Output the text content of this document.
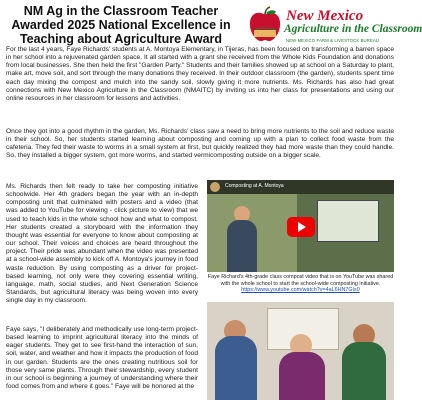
NM Ag in the Classroom Teacher Awarded 2025 National Excellence in Teaching about Agriculture Award
New Mexico
Agriculture in the Classroom
NEW MEXICO FARM & LIVESTOCK BUREAU

For the last 4 years, Faye Richards' students at A. Montoya Elementary, in Tijeras, has been focused on transforming a barren space in her school into a rejuvenated garden space. It all started with a grant she received from the Whole Kids Foundation and donations from local businesses. She then held the first "Garden Party." Students and their families showed up at school on a Saturday to plant, make art, move soil, and sort through the many donations they received. In their outdoor classroom (the garden), students spent time each day mixing the compost and mulch into the sandy soil, slowly giving it more nutrients. Ms. Richards has also had great connections with New Mexico Agriculture in the Classroom (NMAITC) by inviting us into her class for presentations and using our online resources in her classroom for lessons and activities.

Once they got into a good rhythm in the garden, Ms. Richards' class saw a need to bring more nutrients to the soil and reduce waste in their school. So, her students started learning about composting and coming up with a plan to collect food waste from the cafeteria. They fed their waste to worms in a small system at first, but quickly realized they had more waste than they could handle. So, they installed a bigger system, got more worms, and started vermicomposting outside on a bigger scale.

Ms. Richards then felt ready to take her composting initiative schoolwide. Her 4th graders began the year with an in-depth composting unit that culminated with posters and a video (that was added to YouTube for viewing - click picture to view) that we used to teach kids in the whole school how and what to compost. Her students created a storyboard with the information they thought was essential for everyone to know about composting at our school. Their voices and choices are heard throughout the project. Their pride was abundant when the video was presented at a school-wide assembly to kick off A. Montoya's journey in food waste reduction. By using composting as a driver for project-based learning, not only were they covering essential writing, language, math, social studies, and Next Generation Science Standards, but agricultural literacy was being woven into every single day in my classroom.

Faye says, "I deliberately and methodically use long-term project-based learning to imprint agricultural literacy into the minds of eager students. They get to see first-hand the interaction of sun, soil, water, and weather and how it impacts the production of food in our garden. Students are the ones creating nutritious soil for those very same plants. Through their stewardship, every student in our school is beginning a journey of understanding where their food comes from and where it goes." Faye will be honored at the

Composting at A. Montoya
Faye Richard's 4th-grade class compost video that is on YouTube was shared with the whole school to start the school-wide composting initiative. https://www.youtube.com/watch?v=4aL6HN7GIs0
